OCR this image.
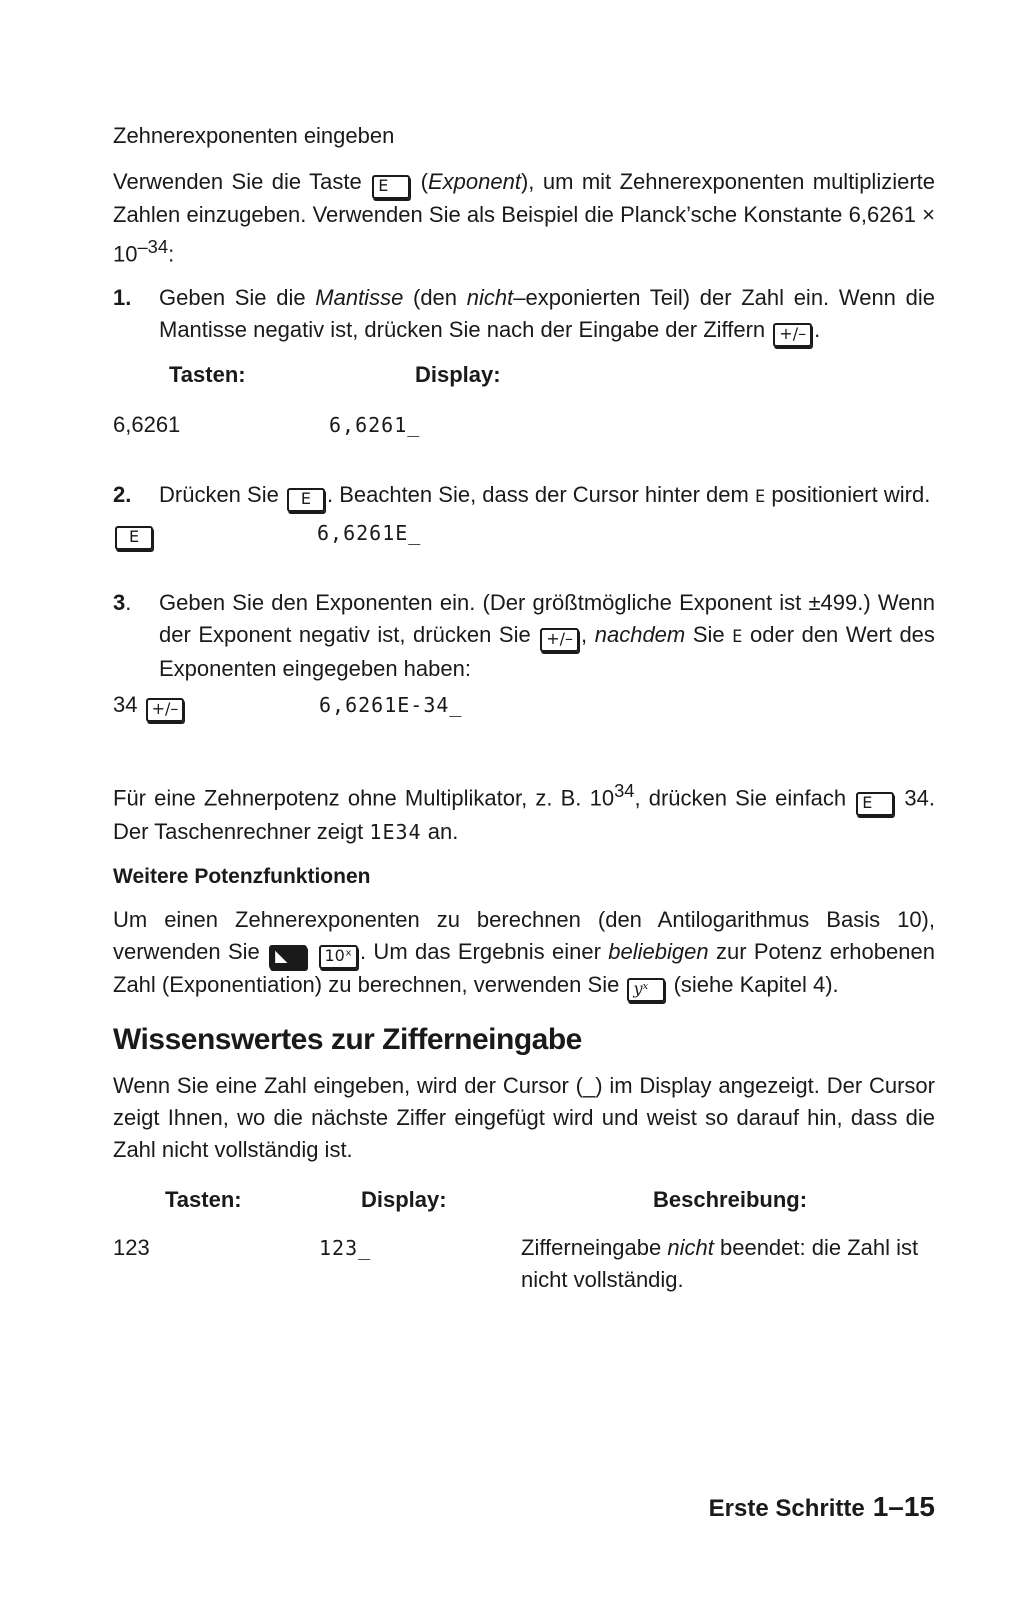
Zehnerexponenten eingeben

Verwenden Sie die Taste E (Exponent), um mit Zehnerexponenten multiplizierte Zahlen einzugeben. Verwenden Sie als Beispiel die Planck’sche Konstante $6,6261 \times 10^{-34}$:

1. Geben Sie die Mantisse (den nicht–exponierten Teil) der Zahl ein. Wenn die Mantisse negativ ist, drücken Sie nach der Eingabe der Ziffern +/– .
Tasten:	Display:
6,6261	6,6261_
2. Drücken Sie E . Beachten Sie, dass der Cursor hinter dem E positioniert wird.
E	6,6261E_
3. Geben Sie den Exponenten ein. (Der größtmögliche Exponent ist ±499.) Wenn der Exponent negativ ist, drücken Sie +/– , nachdem Sie E oder den Wert des Exponenten eingegeben haben:
34 +/–	6,6261E-34_

Für eine Zehnerpotenz ohne Multiplikator, z. B. $10^{34}$, drücken Sie einfach E 34. Der Taschenrechner zeigt 1E34 an.

Weitere Potenzfunktionen

Um einen Zehnerexponenten zu berechnen (den Antilogarithmus Basis 10), verwenden Sie ◣ 10ˣ . Um das Ergebnis einer beliebigen zur Potenz erhobenen Zahl (Exponentiation) zu berechnen, verwenden Sie yˣ (siehe Kapitel 4).

Wissenswertes zur Zifferneingabe

Wenn Sie eine Zahl eingeben, wird der Cursor (_) im Display angezeigt. Der Cursor zeigt Ihnen, wo die nächste Ziffer eingefügt wird und weist so darauf hin, dass die Zahl nicht vollständig ist.

Tasten:	Display:	Beschreibung:
123	123_	Zifferneingabe nicht beendet: die Zahl ist nicht vollständig.
Erste Schritte 1–15
